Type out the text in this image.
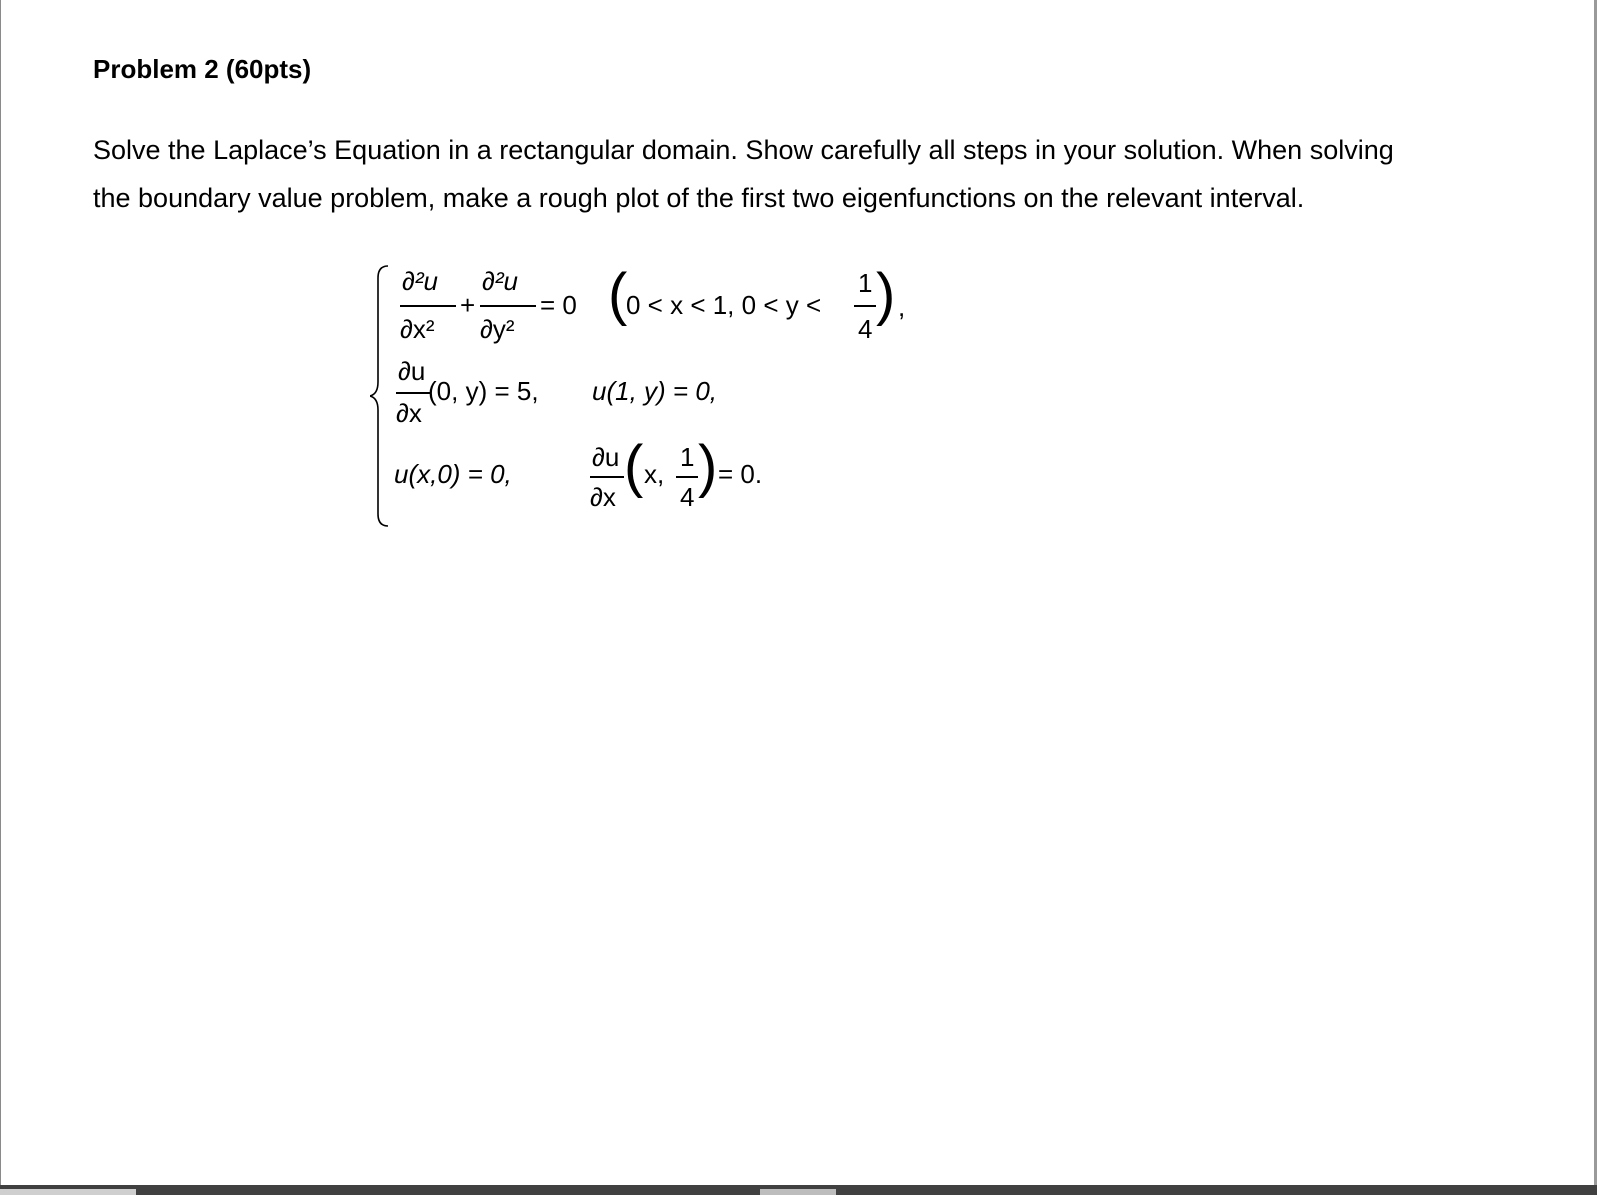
Problem 2 (60pts)
Solve the Laplace’s Equation in a rectangular domain. Show carefully all steps in your solution. When solving
the boundary value problem, make a rough plot of the first two eigenfunctions on the relevant interval.
∂²u
∂x²
+
∂²u
∂y²
= 0 (
0 < x < 1, 0 < y <
1
4
) ,
∂u
∂x
(0, y) = 5, u(1, y) = 0,
u(x,0) = 0,
∂u
∂x ( x,
1
4 ) = 0.
